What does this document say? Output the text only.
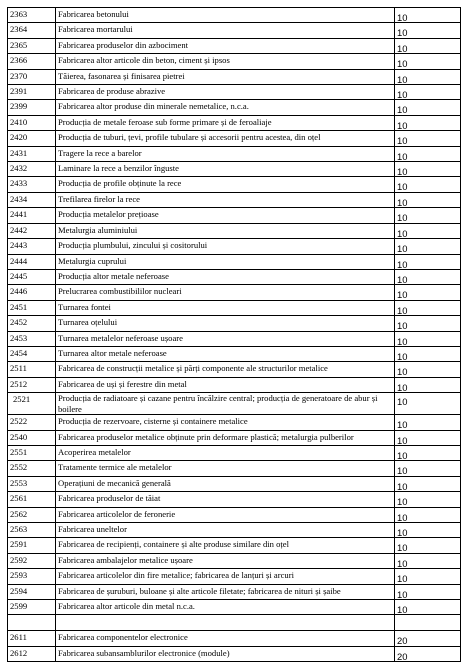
2363	Fabricarea betonului	10

2364	Fabricarea mortarului	10

2365	Fabricarea produselor din azbociment	10

2366	Fabricarea altor articole din beton, ciment și ipsos	10

2370	Tăierea, fasonarea și finisarea pietrei	10

2391	Fabricarea de produse abrazive	10

2399	Fabricarea altor produse din minerale nemetalice, n.c.a.	10

2410	Producția de metale feroase sub forme primare și de feroaliaje	10

2420	Producția de tuburi, țevi, profile tubulare și accesorii pentru acestea, din oțel	10

2431	Tragere la rece a barelor	10

2432	Laminare la rece a benzilor înguste	10

2433	Producția de profile obținute la rece	10

2434	Trefilarea firelor la rece	10

2441	Producția metalelor prețioase	10

2442	Metalurgia aluminiului	10

2443	Producția plumbului, zincului și cositorului	10

2444	Metalurgia cuprului	10

2445	Producția altor metale neferoase	10

2446	Prelucrarea combustibililor nucleari	10

2451	Turnarea fontei	10

2452	Turnarea oțelului	10

2453	Turnarea metalelor neferoase ușoare	10

2454	Turnarea altor metale neferoase	10

2511	Fabricarea de construcții metalice și părți componente ale structurilor metalice	10

2512	Fabricarea de uși și ferestre din metal	10

2521	Producția de radiatoare și cazane pentru încălzire central; producția de generatoare de abur și boilere	10

2522	Producția de rezervoare, cisterne și containere metalice	10

2540	Fabricarea produselor metalice obținute prin deformare plastică; metalurgia pulberilor	10

2551	Acoperirea metalelor	10

2552	Tratamente termice ale metalelor	10

2553	Operațiuni de mecanică generală	10

2561	Fabricarea produselor de tăiat	10

2562	Fabricarea articolelor de feronerie	10

2563	Fabricarea uneltelor	10

2591	Fabricarea de recipienți, containere și alte produse similare din oțel	10

2592	Fabricarea ambalajelor metalice ușoare	10

2593	Fabricarea articolelor din fire metalice; fabricarea de lanțuri și arcuri	10

2594	Fabricarea de șuruburi, buloane și alte articole filetate; fabricarea de nituri și șaibe	10

2599	Fabricarea altor articole din metal n.c.a.	10

2611	Fabricarea componentelor electronice	20

2612	Fabricarea subansamblurilor electronice (module)	20
